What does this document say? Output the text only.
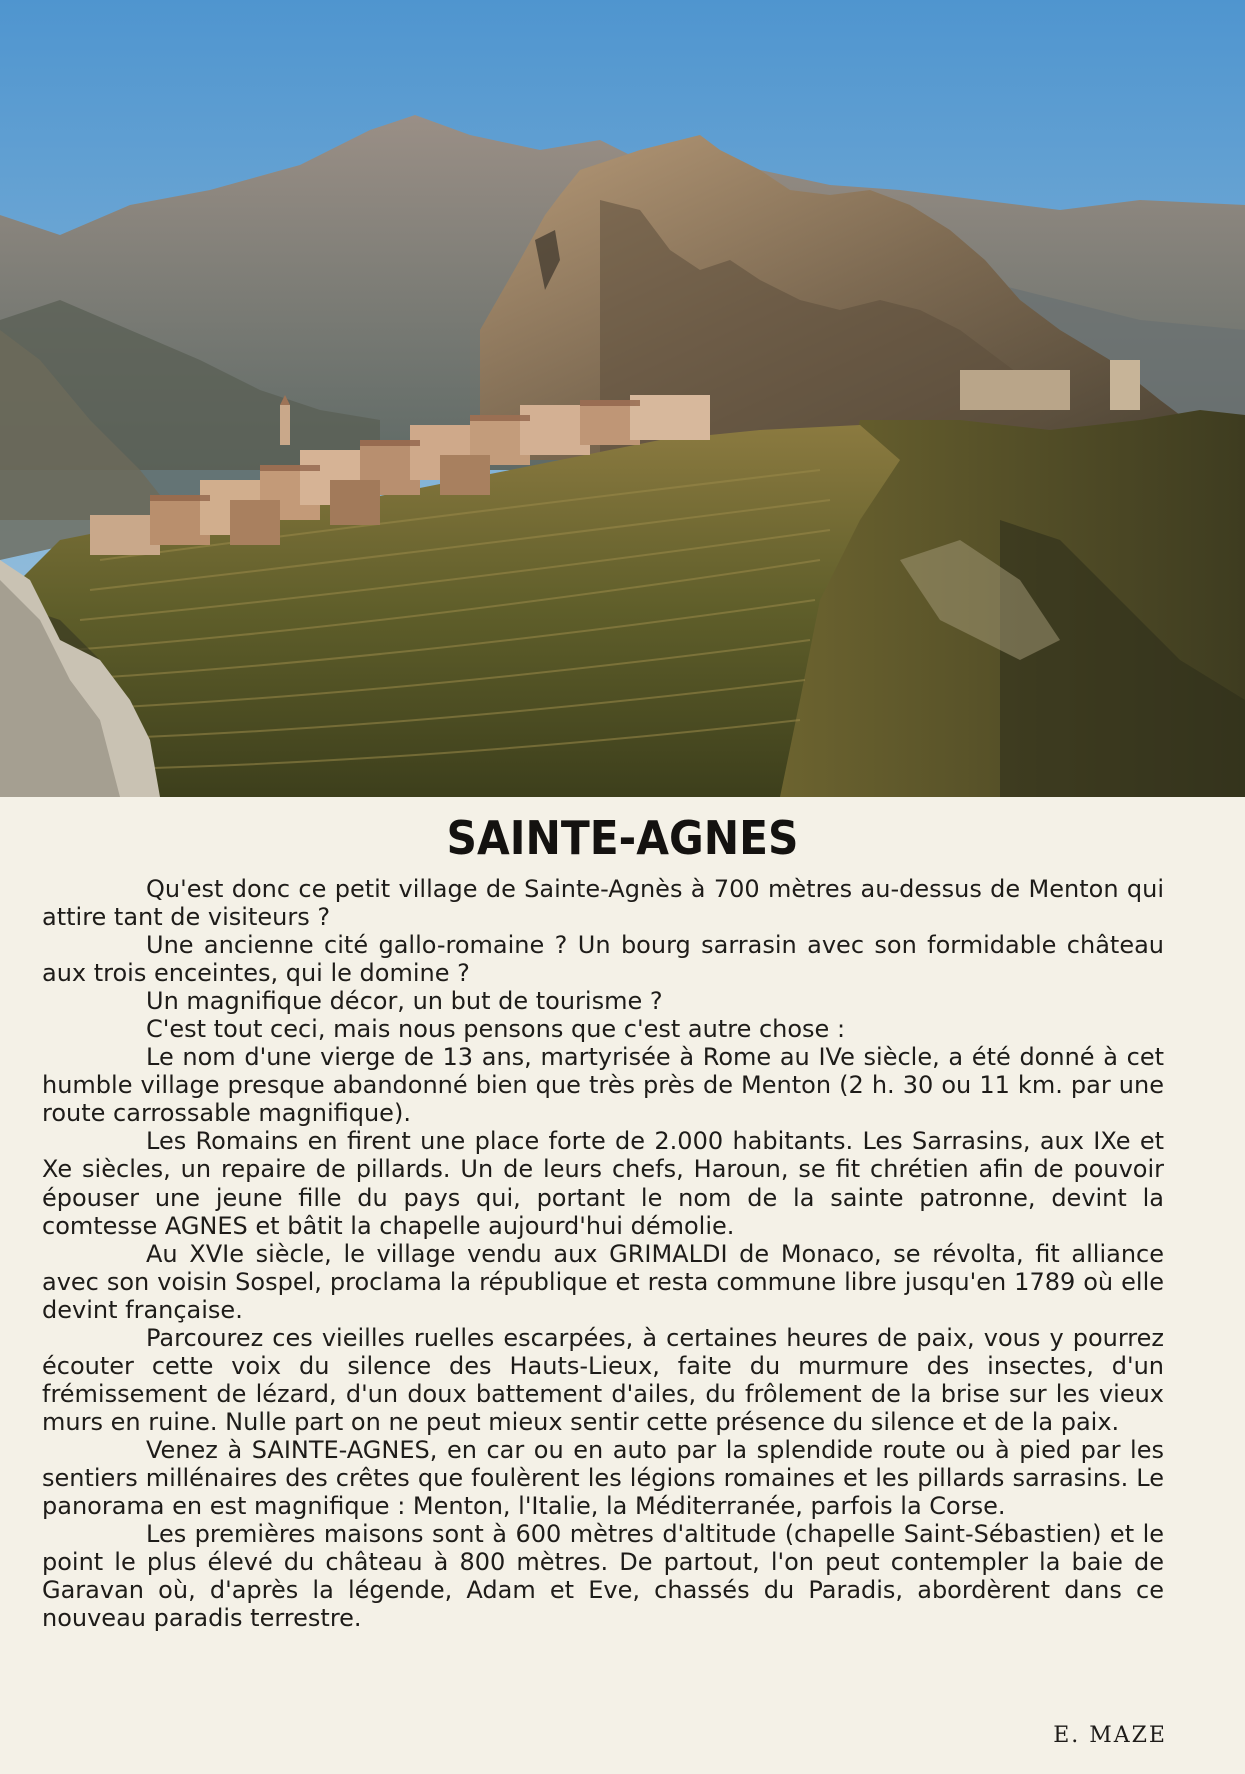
SAINTE-AGNES

Qu'est donc ce petit village de Sainte-Agnès à 700 mètres au-dessus de Menton qui attire tant de visiteurs ?

Une ancienne cité gallo-romaine ? Un bourg sarrasin avec son formidable château aux trois enceintes, qui le domine ?

Un magnifique décor, un but de tourisme ?

C'est tout ceci, mais nous pensons que c'est autre chose :

Le nom d'une vierge de 13 ans, martyrisée à Rome au IVe siècle, a été donné à cet humble village presque abandonné bien que très près de Menton (2 h. 30 ou 11 km. par une route carrossable magnifique).

Les Romains en firent une place forte de 2.000 habitants. Les Sarrasins, aux IXe et Xe siècles, un repaire de pillards. Un de leurs chefs, Haroun, se fit chrétien afin de pouvoir épouser une jeune fille du pays qui, portant le nom de la sainte patronne, devint la comtesse AGNES et bâtit la chapelle aujourd'hui démolie.

Au XVIe siècle, le village vendu aux GRIMALDI de Monaco, se révolta, fit alliance avec son voisin Sospel, proclama la république et resta commune libre jusqu'en 1789 où elle devint française.

Parcourez ces vieilles ruelles escarpées, à certaines heures de paix, vous y pourrez écouter cette voix du silence des Hauts-Lieux, faite du murmure des insectes, d'un frémissement de lézard, d'un doux battement d'ailes, du frôlement de la brise sur les vieux murs en ruine. Nulle part on ne peut mieux sentir cette présence du silence et de la paix.

Venez à SAINTE-AGNES, en car ou en auto par la splendide route ou à pied par les sentiers millénaires des crêtes que foulèrent les légions romaines et les pillards sarrasins. Le panorama en est magnifique : Menton, l'Italie, la Méditerranée, parfois la Corse.

Les premières maisons sont à 600 mètres d'altitude (chapelle Saint-Sébastien) et le point le plus élevé du château à 800 mètres. De partout, l'on peut contempler la baie de Garavan où, d'après la légende, Adam et Eve, chassés du Paradis, abordèrent dans ce nouveau paradis terrestre.

E. MAZE
